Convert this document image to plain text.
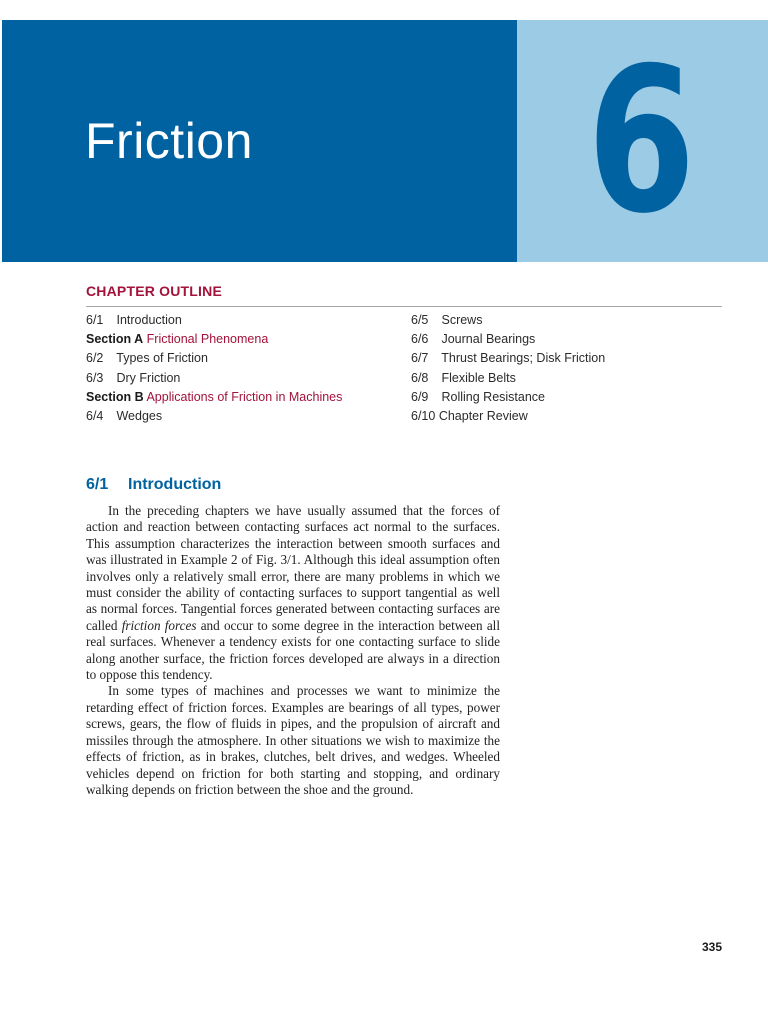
Friction 6
CHAPTER OUTLINE
6/1 Introduction
Section A Frictional Phenomena
6/2 Types of Friction
6/3 Dry Friction
Section B Applications of Friction in Machines
6/4 Wedges
6/5 Screws
6/6 Journal Bearings
6/7 Thrust Bearings; Disk Friction
6/8 Flexible Belts
6/9 Rolling Resistance
6/10 Chapter Review
6/1 Introduction

In the preceding chapters we have usually assumed that the forces of action and reaction between contacting surfaces act normal to the surfaces. This assumption characterizes the interaction between smooth surfaces and was illustrated in Example 2 of Fig. 3/1. Although this ideal assumption often involves only a relatively small error, there are many problems in which we must consider the ability of contacting surfaces to support tangential as well as normal forces. Tangential forces generated between contacting surfaces are called friction forces and occur to some degree in the interaction between all real surfaces. Whenever a tendency exists for one contacting surface to slide along another surface, the friction forces developed are always in a direction to oppose this tendency.

In some types of machines and processes we want to minimize the retarding effect of friction forces. Examples are bearings of all types, power screws, gears, the flow of fluids in pipes, and the propulsion of aircraft and missiles through the atmosphere. In other situations we wish to maximize the effects of friction, as in brakes, clutches, belt drives, and wedges. Wheeled vehicles depend on friction for both starting and stopping, and ordinary walking depends on friction between the shoe and the ground.

335
